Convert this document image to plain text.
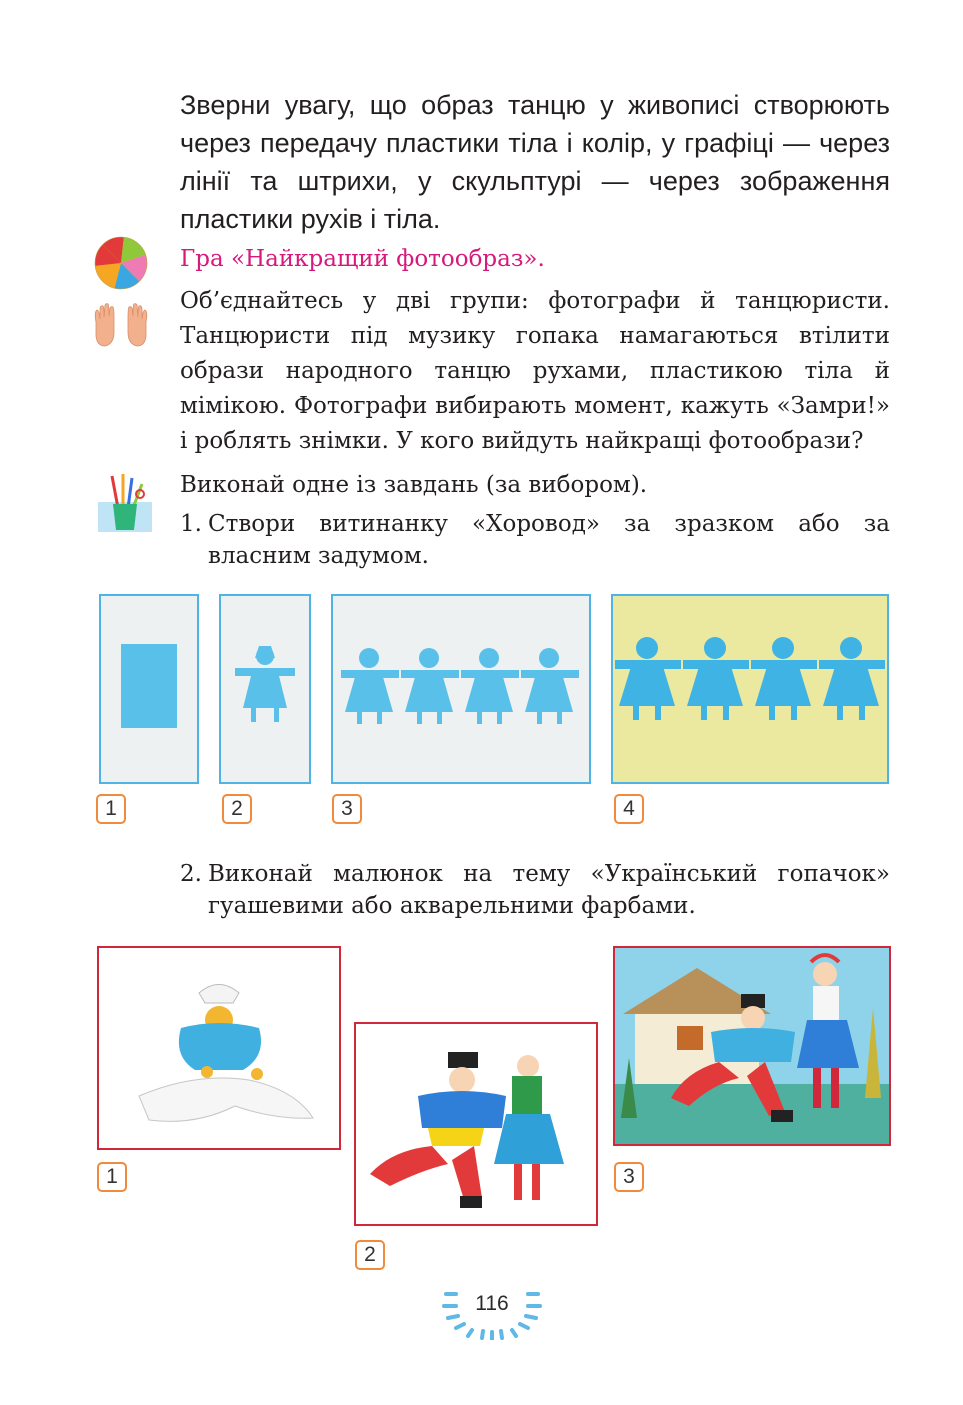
Зверни увагу, що образ танцю у живописі створюють через передачу пластики тіла і колір, у графіці — через лінії та штрихи, у скульптурі — через зображення пластики рухів і тіла.
Гра «Найкращий фотообраз».
Об’єднайтесь у дві групи: фотографи й танцюристи. Танцюристи під музику гопака намагаються втілити образи народного танцю рухами, пластикою тіла й мімікою. Фотографи вибирають момент, кажуть «Замри!» і роблять знімки. У кого вийдуть найкращі фотообрази?
Виконай одне із завдань (за вибором).
1. Створи витинанку «Хоровод» за зразком або за власним задумом.
1	2	3	4
2. Виконай малюнок на тему «Український гопачок» гуашевими або акварельними фарбами.
1
2
3
116
